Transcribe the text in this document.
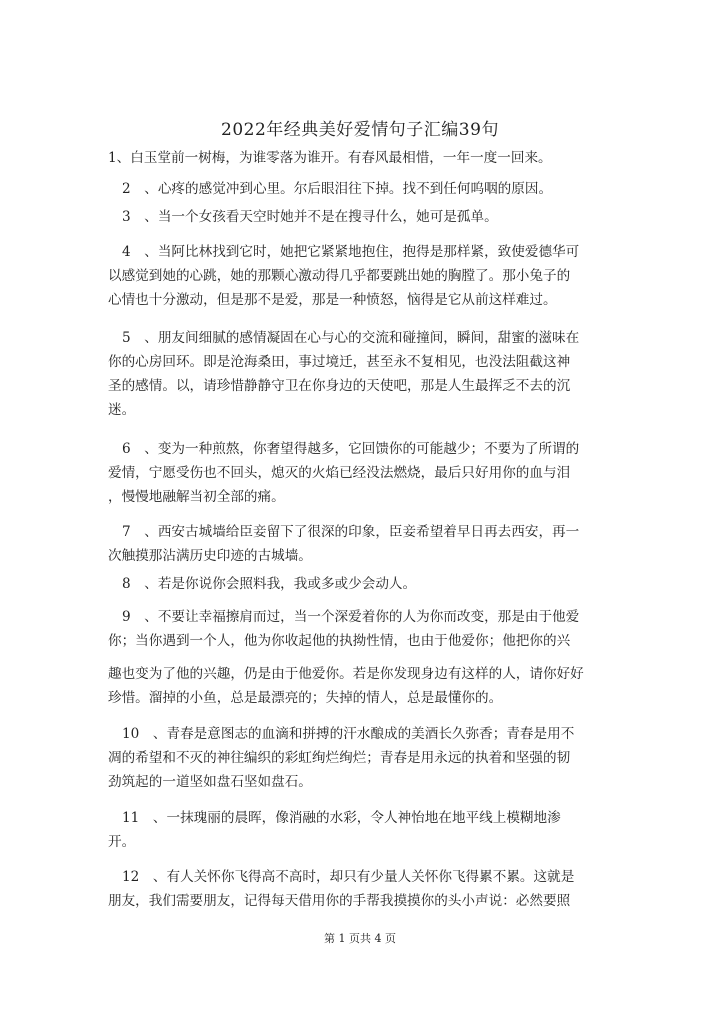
2022年经典美好爱情句子汇编39句
1、白玉堂前一树梅，为谁零落为谁开。有春风最相惜，一年一度一回来。
2　、心疼的感觉冲到心里。尔后眼泪往下掉。找不到任何呜咽的原因。
3　、当一个女孩看天空时她并不是在搜寻什么，她可是孤单。
4　、当阿比林找到它时，她把它紧紧地抱住，抱得是那样紧，致使爱德华可
以感觉到她的心跳，她的那颗心激动得几乎都要跳出她的胸膛了。那小兔子的
心情也十分激动，但是那不是爱，那是一种愤怒，恼得是它从前这样难过。
5　、朋友间细腻的感情凝固在心与心的交流和碰撞间，瞬间，甜蜜的滋味在
你的心房回环。即是沧海桑田，事过境迁，甚至永不复相见，也没法阻截这神
圣的感情。以，请珍惜静静守卫在你身边的天使吧，那是人生最挥乏不去的沉
迷。
6　、变为一种煎熬，你奢望得越多，它回馈你的可能越少；不要为了所谓的
爱情，宁愿受伤也不回头，熄灭的火焰已经没法燃烧，最后只好用你的血与泪
，慢慢地融解当初全部的痛。
7　、西安古城墙给臣妾留下了很深的印象，臣妾希望着早日再去西安，再一
次触摸那沾满历史印迹的古城墙。
8　、若是你说你会照料我，我或多或少会动人。
9　、不要让幸福擦肩而过，当一个深爱着你的人为你而改变，那是由于他爱
你；当你遇到一个人，他为你收起他的执拗性情，也由于他爱你；他把你的兴
趣也变为了他的兴趣，仍是由于他爱你。若是你发现身边有这样的人，请你好好
珍惜。溜掉的小鱼，总是最漂亮的；失掉的情人，总是最懂你的。
10　、青春是意图志的血滴和拼搏的汗水酿成的美酒长久弥香；青春是用不
凋的希望和不灭的神往编织的彩虹绚烂绚烂；青春是用永远的执着和坚强的韧
劲筑起的一道坚如盘石坚如盘石。
11　、一抹瑰丽的晨晖，像消融的水彩，令人神怡地在地平线上模糊地渗
开。
12　、有人关怀你飞得高不高时，却只有少量人关怀你飞得累不累。这就是
朋友，我们需要朋友，记得每天借用你的手帮我摸摸你的头小声说：必然要照
第 1 页共 4 页
